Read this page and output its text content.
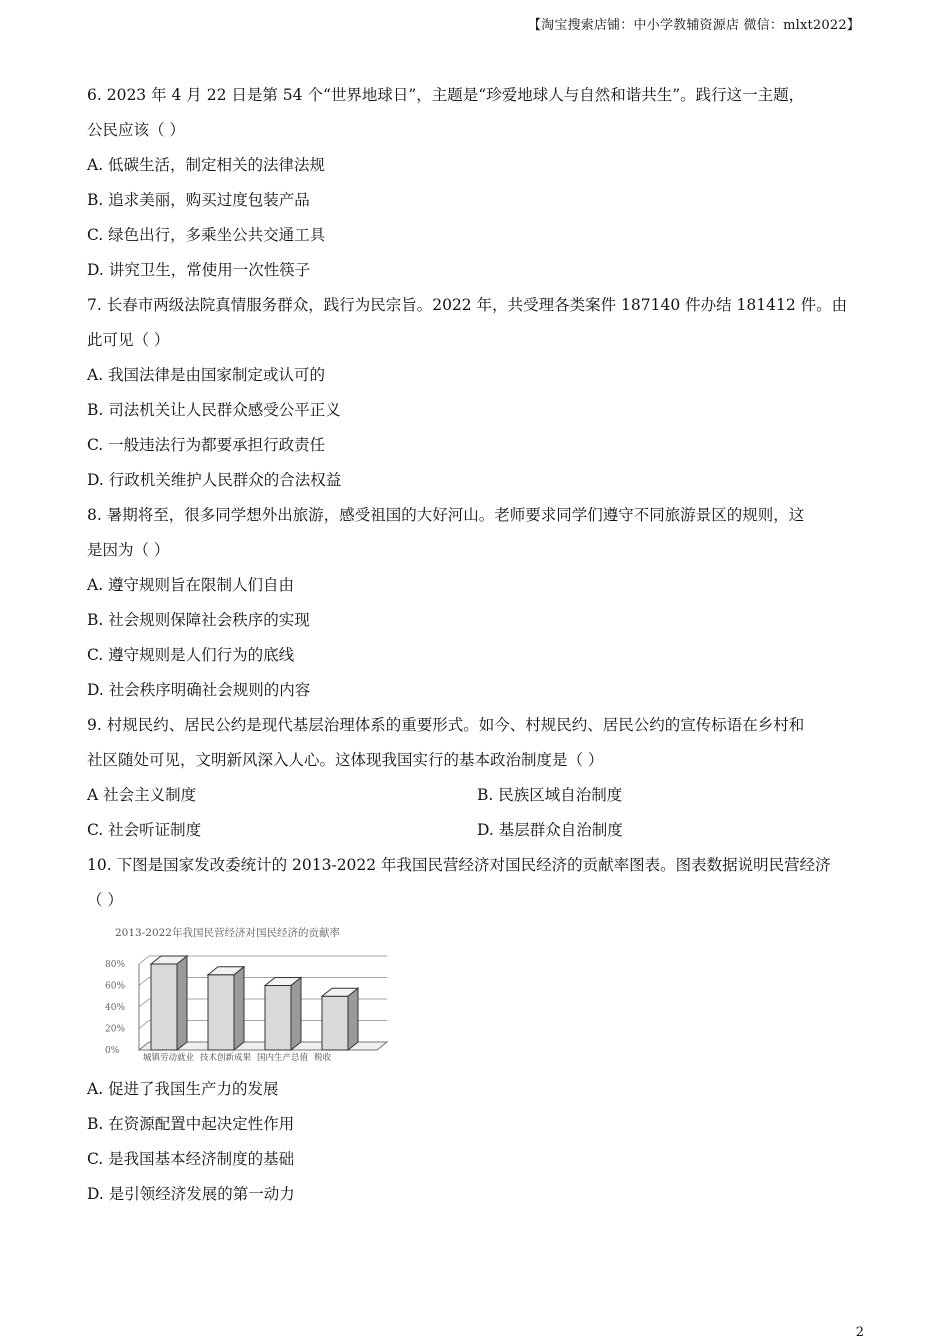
【淘宝搜索店铺：中小学教辅资源店 微信：mlxt2022】
6. 2023 年 4 月 22 日是第 54 个“世界地球日”，主题是“珍爱地球人与自然和谐共生”。践行这一主题，
公民应该（ ）
A. 低碳生活，制定相关的法律法规
B. 追求美丽，购买过度包装产品
C. 绿色出行，多乘坐公共交通工具
D. 讲究卫生，常使用一次性筷子
7. 长春市两级法院真情服务群众，践行为民宗旨。2022 年，共受理各类案件 187140 件办结 181412 件。由
此可见（ ）
A. 我国法律是由国家制定或认可的
B. 司法机关让人民群众感受公平正义
C. 一般违法行为都要承担行政责任
D. 行政机关维护人民群众的合法权益
8. 暑期将至，很多同学想外出旅游，感受祖国的大好河山。老师要求同学们遵守不同旅游景区的规则，这
是因为（ ）
A. 遵守规则旨在限制人们自由
B. 社会规则保障社会秩序的实现
C. 遵守规则是人们行为的底线
D. 社会秩序明确社会规则的内容
9. 村规民约、居民公约是现代基层治理体系的重要形式。如今、村规民约、居民公约的宣传标语在乡村和
社区随处可见，文明新风深入人心。这体现我国实行的基本政治制度是（ ）
A 社会主义制度	B. 民族区域自治制度
C. 社会听证制度	D. 基层群众自治制度
10. 下图是国家发改委统计的 2013-2022 年我国民营经济对国民经济的贡献率图表。图表数据说明民营经济
（ ）
2013-2022年我国民营经济对国民经济的贡献率
80%
60%
40%
20%
0%
城镇劳动就业 技术创新成果 国内生产总值 税收
A. 促进了我国生产力的发展
B. 在资源配置中起决定性作用
C. 是我国基本经济制度的基础
D. 是引领经济发展的第一动力
2
